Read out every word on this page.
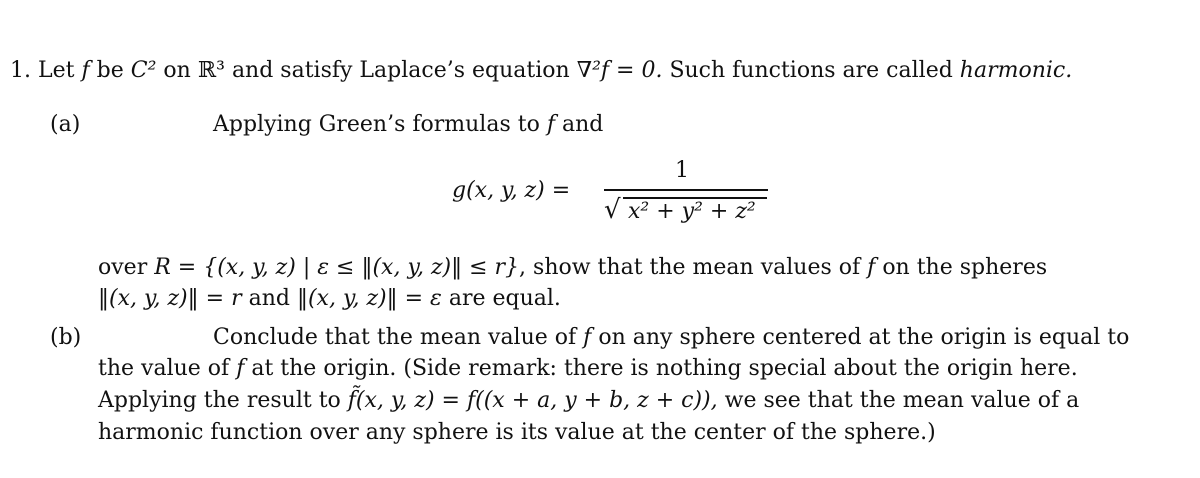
1. Let f be C² on ℝ³ and satisfy Laplace’s equation ∇²f = 0. Such functions are called harmonic.
(a)	Applying Green’s formulas to f and
g(x, y, z) =
1
√ x² + y² + z²
over R = {(x, y, z) | ε ≤ ‖(x, y, z)‖ ≤ r}, show that the mean values of f on the spheres
‖(x, y, z)‖ = r and ‖(x, y, z)‖ = ε are equal.
(b)	Conclude that the mean value of f on any sphere centered at the origin is equal to
the value of f at the origin. (Side remark: there is nothing special about the origin here.
Applying the result to f̃(x, y, z) = f((x + a, y + b, z + c)), we see that the mean value of a
harmonic function over any sphere is its value at the center of the sphere.)
